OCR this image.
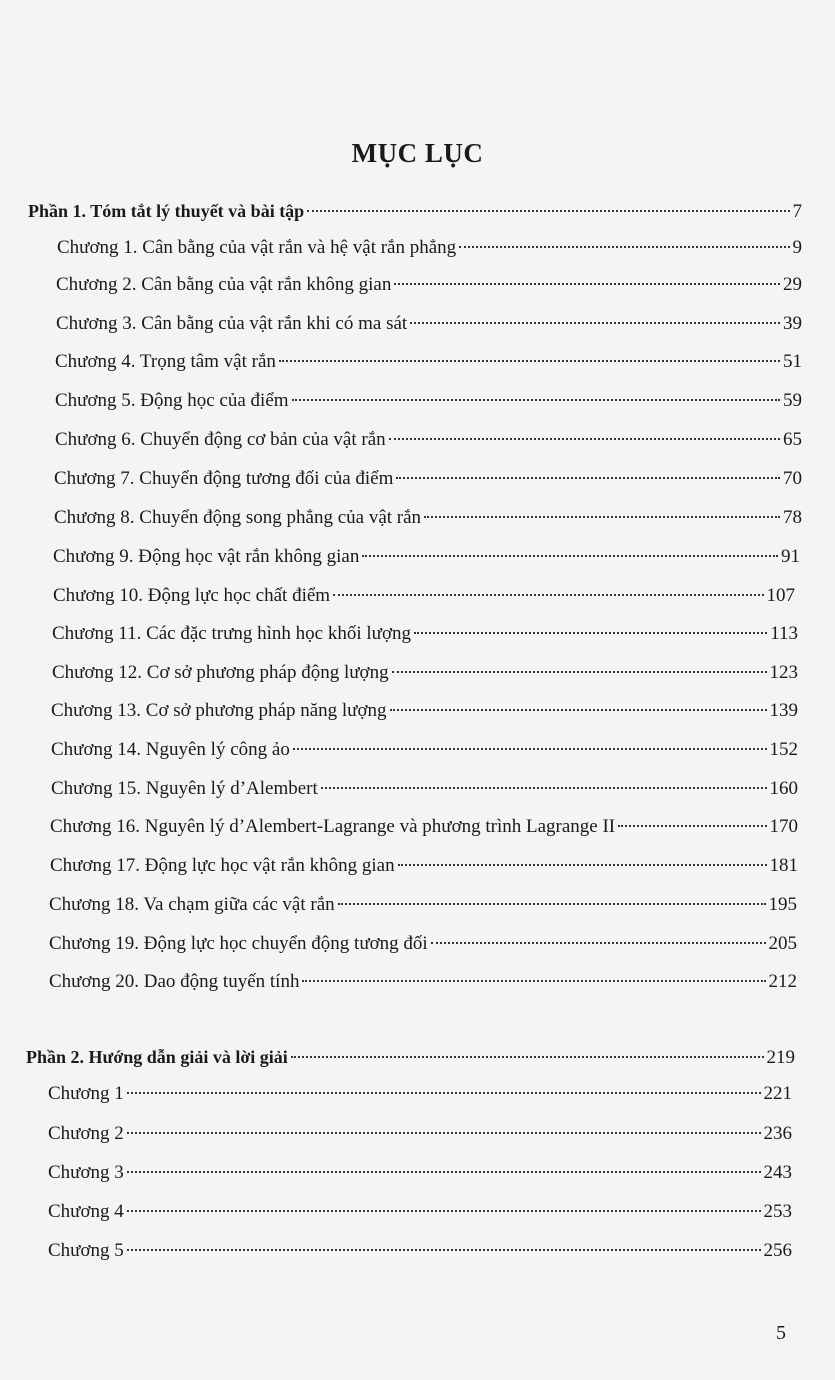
MỤC LỤC
Phần 1. Tóm tắt lý thuyết và bài tập	7
Chương 1. Cân bằng của vật rắn và hệ vật rắn phẳng	9
Chương 2. Cân bằng của vật rắn không gian	29
Chương 3. Cân bằng của vật rắn khi có ma sát	39
Chương 4. Trọng tâm vật rắn	51
Chương 5. Động học của điểm	59
Chương 6. Chuyển động cơ bản của vật rắn	65
Chương 7. Chuyển động tương đối của điểm	70
Chương 8. Chuyển động song phẳng của vật rắn	78
Chương 9. Động học vật rắn không gian	91
Chương 10. Động lực học chất điểm	107
Chương 11. Các đặc trưng hình học khối lượng	113
Chương 12. Cơ sở phương pháp động lượng	123
Chương 13. Cơ sở phương pháp năng lượng	139
Chương 14. Nguyên lý công ảo	152
Chương 15. Nguyên lý d’Alembert	160
Chương 16. Nguyên lý d’Alembert-Lagrange và phương trình Lagrange II	170
Chương 17. Động lực học vật rắn không gian	181
Chương 18. Va chạm giữa các vật rắn	195
Chương 19. Động lực học chuyển động tương đối	205
Chương 20. Dao động tuyến tính	212
Phần 2. Hướng dẫn giải và lời giải	219
Chương 1	221
Chương 2	236
Chương 3	243
Chương 4	253
Chương 5	256
5
